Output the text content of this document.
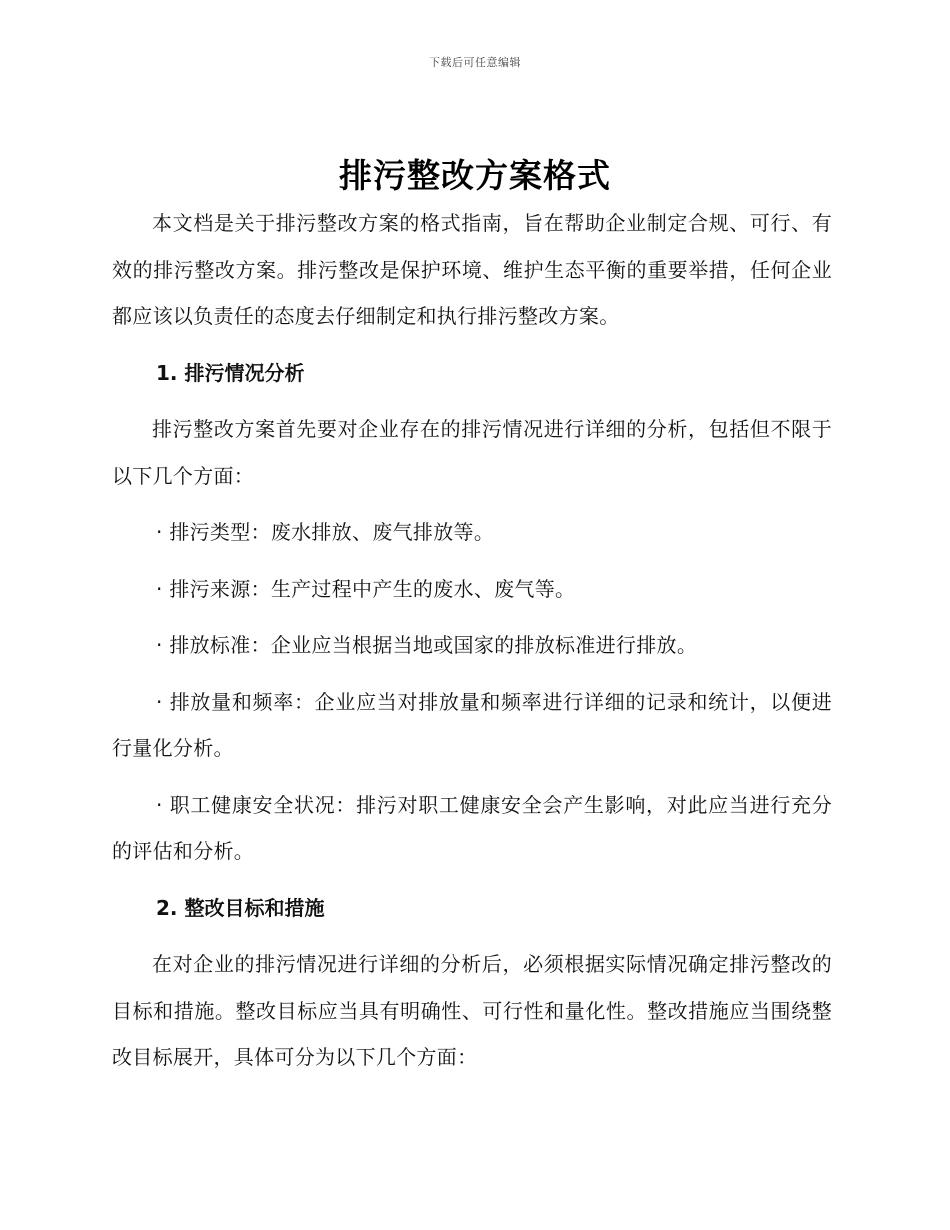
下载后可任意编辑
排污整改方案格式

本文档是关于排污整改方案的格式指南，旨在帮助企业制定合规、可行、有效的排污整改方案。排污整改是保护环境、维护生态平衡的重要举措，任何企业都应该以负责任的态度去仔细制定和执行排污整改方案。

1. 排污情况分析

排污整改方案首先要对企业存在的排污情况进行详细的分析，包括但不限于以下几个方面：

· 排污类型：废水排放、废气排放等。

· 排污来源：生产过程中产生的废水、废气等。

· 排放标准：企业应当根据当地或国家的排放标准进行排放。

· 排放量和频率：企业应当对排放量和频率进行详细的记录和统计，以便进行量化分析。

· 职工健康安全状况：排污对职工健康安全会产生影响，对此应当进行充分的评估和分析。

2. 整改目标和措施

在对企业的排污情况进行详细的分析后，必须根据实际情况确定排污整改的目标和措施。整改目标应当具有明确性、可行性和量化性。整改措施应当围绕整改目标展开，具体可分为以下几个方面：
